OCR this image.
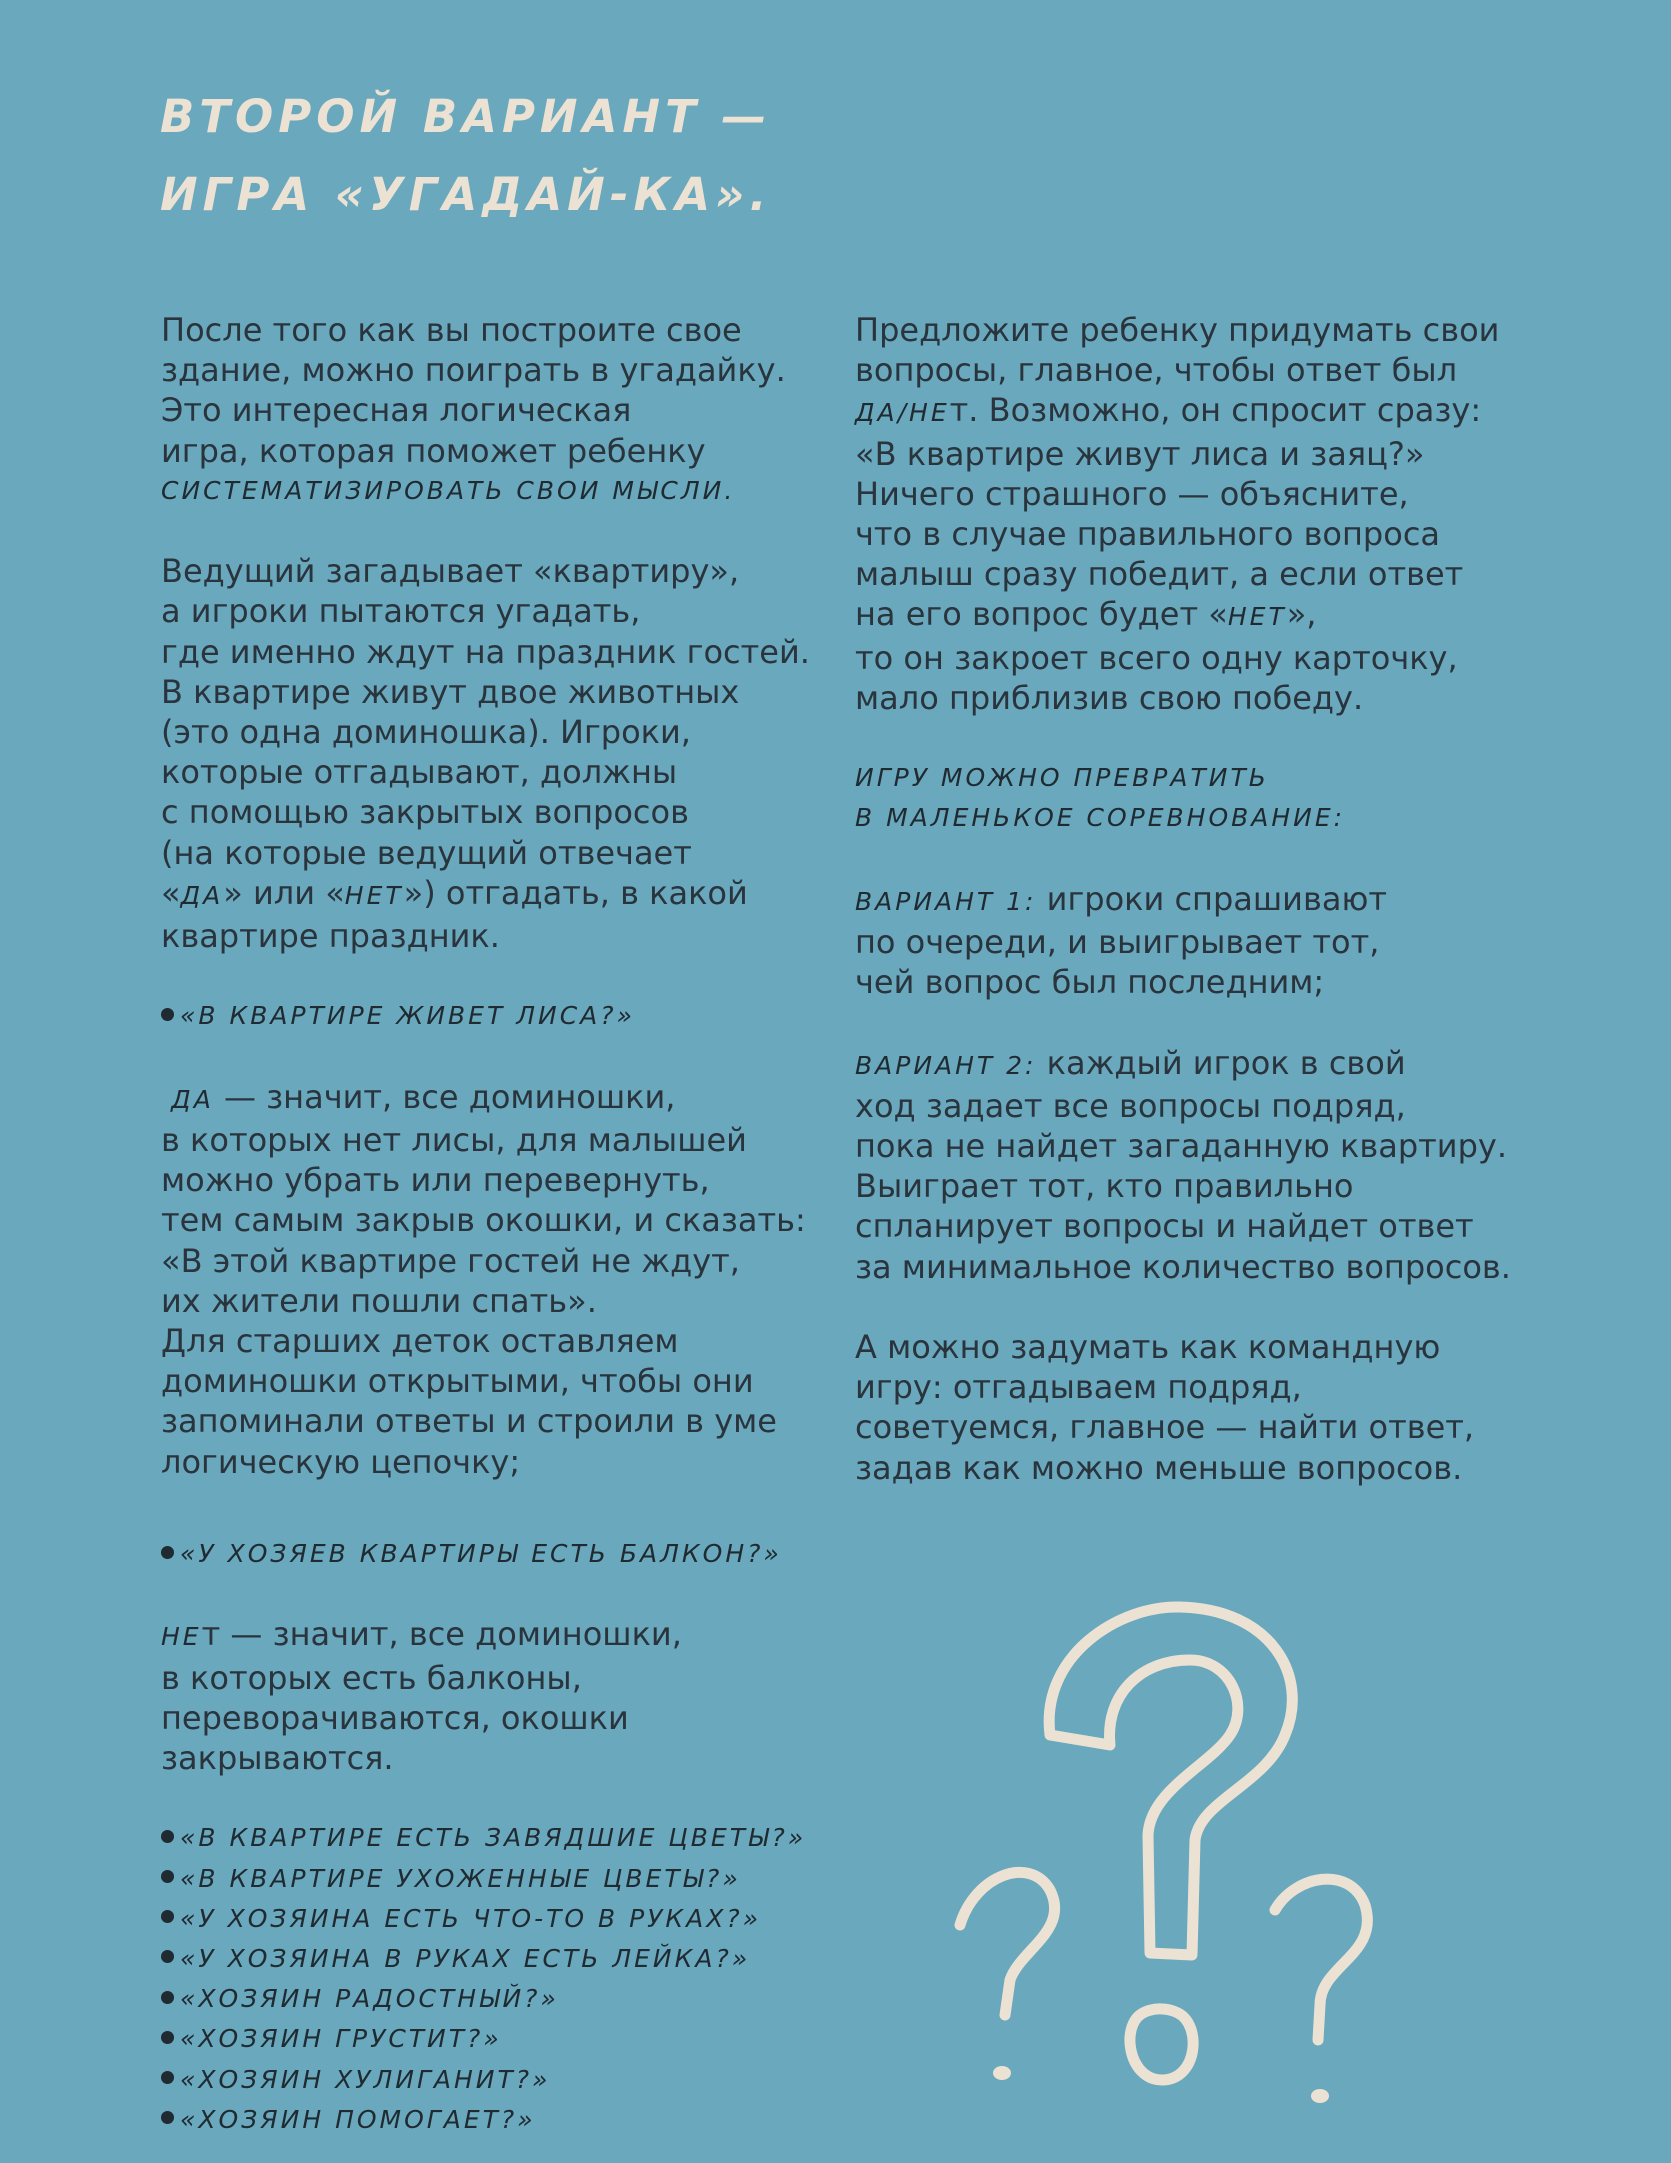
ВТОРОЙ ВАРИАНТ —
ИГРА «УГАДАЙ-КА».
После того как вы построите свое
здание, можно поиграть в угадайку.
Это интересная логическая
игра, которая поможет ребенку
СИСТЕМАТИЗИРОВАТЬ СВОИ МЫСЛИ.
Ведущий загадывает «квартиру»,
а игроки пытаются угадать,
где именно ждут на праздник гостей.
В квартире живут двое животных
(это одна доминошка). Игроки,
которые отгадывают, должны
с помощью закрытых вопросов
(на которые ведущий отвечает
«ДА» или «НЕТ») отгадать, в какой
квартире праздник.
«В КВАРТИРЕ ЖИВЕТ ЛИСА?»
ДА — значит, все доминошки,
в которых нет лисы, для малышей
можно убрать или перевернуть,
тем самым закрыв окошки, и сказать:
«В этой квартире гостей не ждут,
их жители пошли спать».
Для старших деток оставляем
доминошки открытыми, чтобы они
запоминали ответы и строили в уме
логическую цепочку;
«У ХОЗЯЕВ КВАРТИРЫ ЕСТЬ БАЛКОН?»
НЕт — значит, все доминошки,
в которых есть балконы,
переворачиваются, окошки
закрываются.
«В КВАРТИРЕ ЕСТЬ ЗАВЯДШИЕ ЦВЕТЫ?»
«В КВАРТИРЕ УХОЖЕННЫЕ ЦВЕТЫ?»
«У ХОЗЯИНА ЕСТЬ ЧТО-ТО В РУКАХ?»
«У ХОЗЯИНА В РУКАХ ЕСТЬ ЛЕЙКА?»
«ХОЗЯИН РАДОСТНЫЙ?»
«ХОЗЯИН ГРУСТИТ?»
«ХОЗЯИН ХУЛИГАНИТ?»
«ХОЗЯИН ПОМОГАЕТ?»
Предложите ребенку придумать свои
вопросы, главное, чтобы ответ был
ДА/НЕт. Возможно, он спросит сразу:
«В квартире живут лиса и заяц?»
Ничего страшного — объясните,
что в случае правильного вопроса
малыш сразу победит, а если ответ
на его вопрос будет «НЕТ»,
то он закроет всего одну карточку,
мало приблизив свою победу.
ИГРУ МОЖНО ПРЕВРАТИТЬ
В МАЛЕНЬКОЕ СОРЕВНОВАНИЕ:
ВАРИАНТ 1: игроки спрашивают
по очереди, и выигрывает тот,
чей вопрос был последним;
ВАРИАНТ 2: каждый игрок в свой
ход задает все вопросы подряд,
пока не найдет загаданную квартиру.
Выиграет тот, кто правильно
спланирует вопросы и найдет ответ
за минимальное количество вопросов.
А можно задумать как командную
игру: отгадываем подряд,
советуемся, главное — найти ответ,
задав как можно меньше вопросов.
